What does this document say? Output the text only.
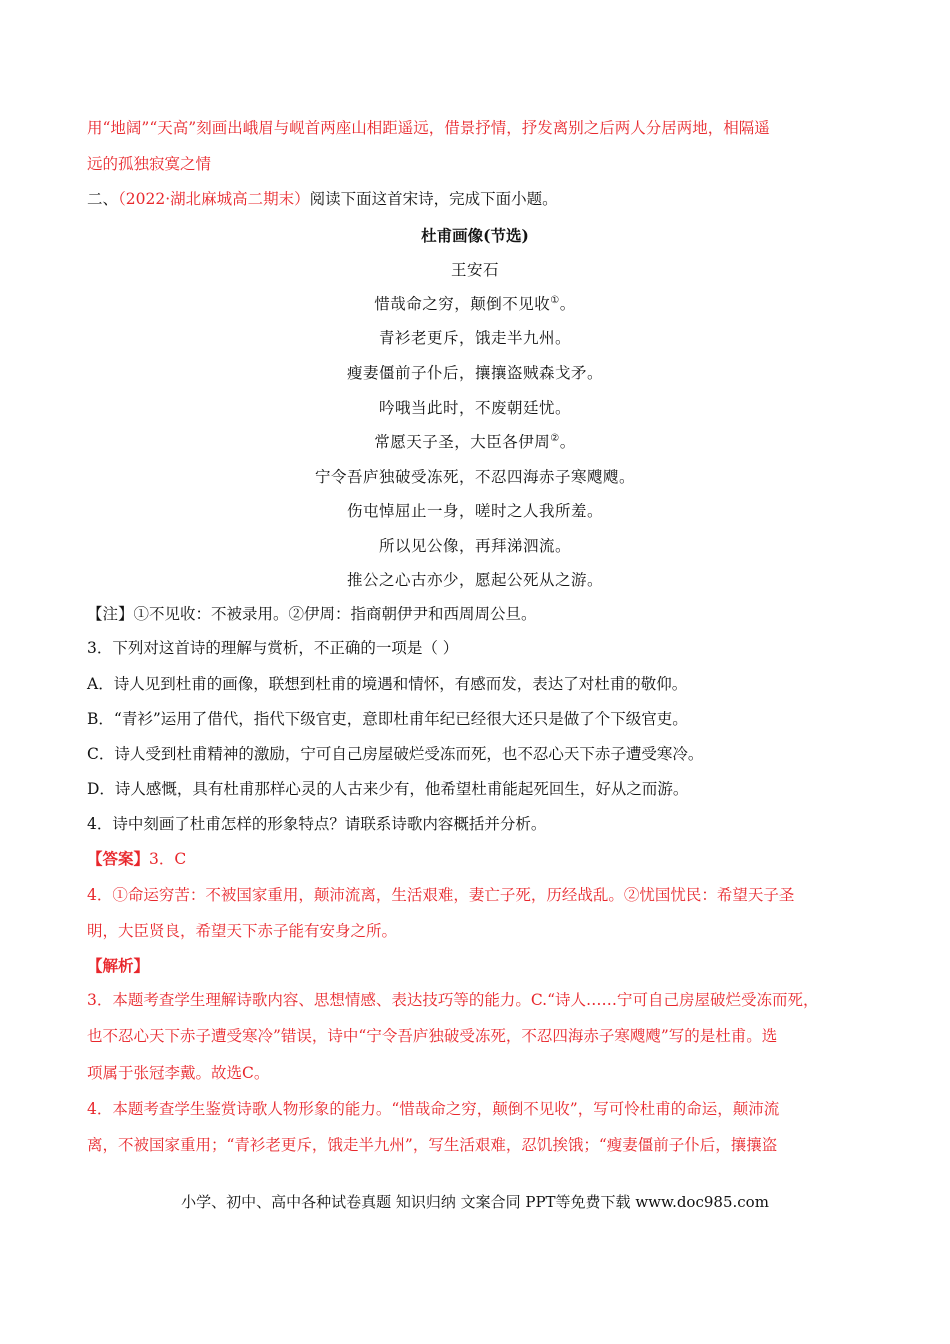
用“地阔”“天高”刻画出峨眉与岘首两座山相距遥远，借景抒情，抒发离别之后两人分居两地，相隔遥
远的孤独寂寞之情
二、（2022·湖北麻城高二期末）阅读下面这首宋诗，完成下面小题。
杜甫画像(节选)
王安石
惜哉命之穷，颠倒不见收①。
青衫老更斥，饿走半九州。
瘦妻僵前子仆后，攘攘盗贼森戈矛。
吟哦当此时，不废朝廷忧。
常愿天子圣，大臣各伊周②。
宁令吾庐独破受冻死，不忍四海赤子寒飕飕。
伤屯悼屈止一身，嗟时之人我所羞。
所以见公像，再拜涕泗流。
推公之心古亦少，愿起公死从之游。
【注】①不见收：不被录用。②伊周：指商朝伊尹和西周周公旦。
3．下列对这首诗的理解与赏析，不正确的一项是（ ）
A．诗人见到杜甫的画像，联想到杜甫的境遇和情怀，有感而发，表达了对杜甫的敬仰。
B．“青衫”运用了借代，指代下级官吏，意即杜甫年纪已经很大还只是做了个下级官吏。
C．诗人受到杜甫精神的激励，宁可自己房屋破烂受冻而死，也不忍心天下赤子遭受寒冷。
D．诗人感慨，具有杜甫那样心灵的人古来少有，他希望杜甫能起死回生，好从之而游。
4．诗中刻画了杜甫怎样的形象特点？请联系诗歌内容概括并分析。
【答案】3．C
4．①命运穷苦：不被国家重用，颠沛流离，生活艰难，妻亡子死，历经战乱。②忧国忧民：希望天子圣
明，大臣贤良，希望天下赤子能有安身之所。
【解析】
3．本题考查学生理解诗歌内容、思想情感、表达技巧等的能力。C.“诗人……宁可自己房屋破烂受冻而死，
也不忍心天下赤子遭受寒冷”错误，诗中“宁令吾庐独破受冻死，不忍四海赤子寒飕飕”写的是杜甫。选
项属于张冠李戴。故选C。
4．本题考查学生鉴赏诗歌人物形象的能力。“惜哉命之穷，颠倒不见收”，写可怜杜甫的命运，颠沛流
离，不被国家重用；“青衫老更斥，饿走半九州”，写生活艰难，忍饥挨饿；“瘦妻僵前子仆后，攘攘盗
小学、初中、高中各种试卷真题 知识归纳 文案合同 PPT等免费下载 www.doc985.com
